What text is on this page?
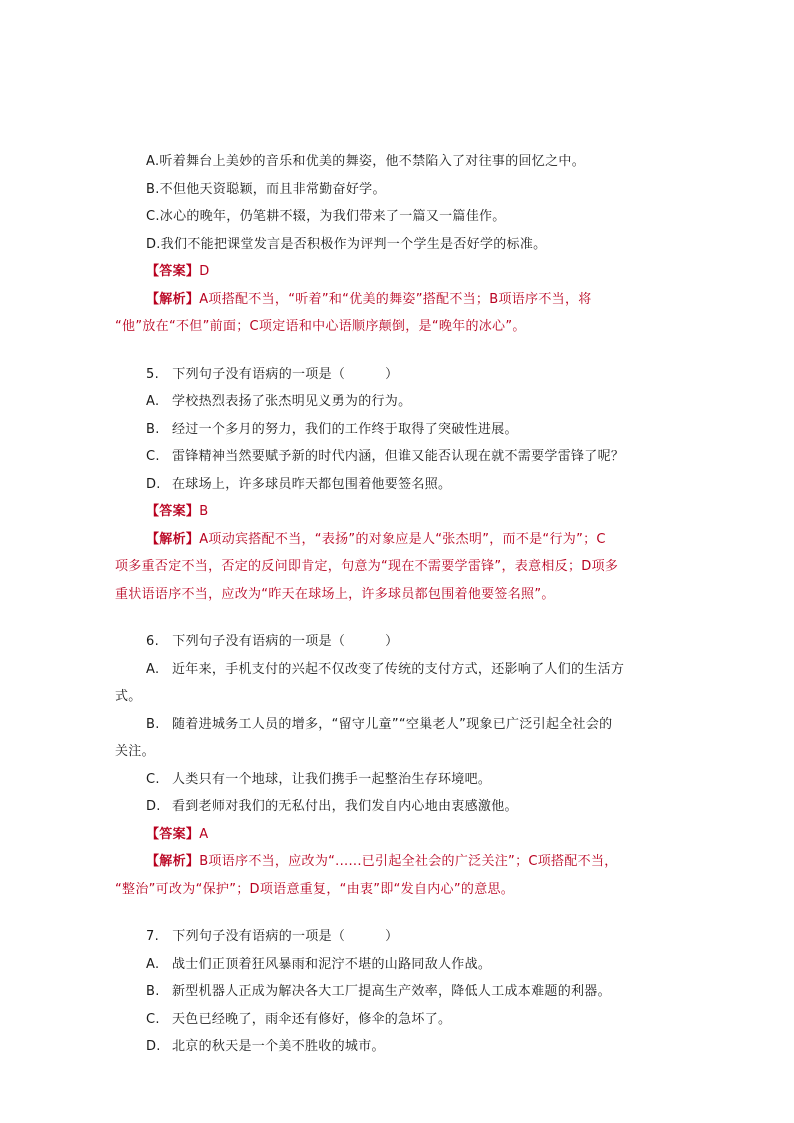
A.听着舞台上美妙的音乐和优美的舞姿，他不禁陷入了对往事的回忆之中。
B.不但他天资聪颖，而且非常勤奋好学。
C.冰心的晚年，仍笔耕不辍，为我们带来了一篇又一篇佳作。
D.我们不能把课堂发言是否积极作为评判一个学生是否好学的标准。
【答案】D
【解析】A项搭配不当，“听着”和“优美的舞姿”搭配不当；B项语序不当，将
“他”放在“不但”前面；C项定语和中心语顺序颠倒，是“晚年的冰心”。
5.　下列句子没有语病的一项是（　　　）
A. 学校热烈表扬了张杰明见义勇为的行为。
B. 经过一个多月的努力，我们的工作终于取得了突破性进展。
C. 雷锋精神当然要赋予新的时代内涵，但谁又能否认现在就不需要学雷锋了呢？
D. 在球场上，许多球员昨天都包围着他要签名照。
【答案】B
【解析】A项动宾搭配不当，“表扬”的对象应是人“张杰明”，而不是“行为”；C
项多重否定不当，否定的反问即肯定，句意为“现在不需要学雷锋”，表意相反；D项多
重状语语序不当，应改为“昨天在球场上，许多球员都包围着他要签名照”。
6.　下列句子没有语病的一项是（　　　）
A. 近年来，手机支付的兴起不仅改变了传统的支付方式，还影响了人们的生活方
式。
B. 随着进城务工人员的增多，“留守儿童”“空巢老人”现象已广泛引起全社会的
关注。
C. 人类只有一个地球，让我们携手一起整治生存环境吧。
D. 看到老师对我们的无私付出，我们发自内心地由衷感激他。
【答案】A
【解析】B项语序不当，应改为“......已引起全社会的广泛关注”；C项搭配不当，
“整治”可改为“保护”；D项语意重复，“由衷”即“发自内心”的意思。
7.　下列句子没有语病的一项是（　　　）
A. 战士们正顶着狂风暴雨和泥泞不堪的山路同敌人作战。
B. 新型机器人正成为解决各大工厂提高生产效率，降低人工成本难题的利器。
C. 天色已经晚了，雨伞还有修好，修伞的急坏了。
D. 北京的秋天是一个美不胜收的城市。
